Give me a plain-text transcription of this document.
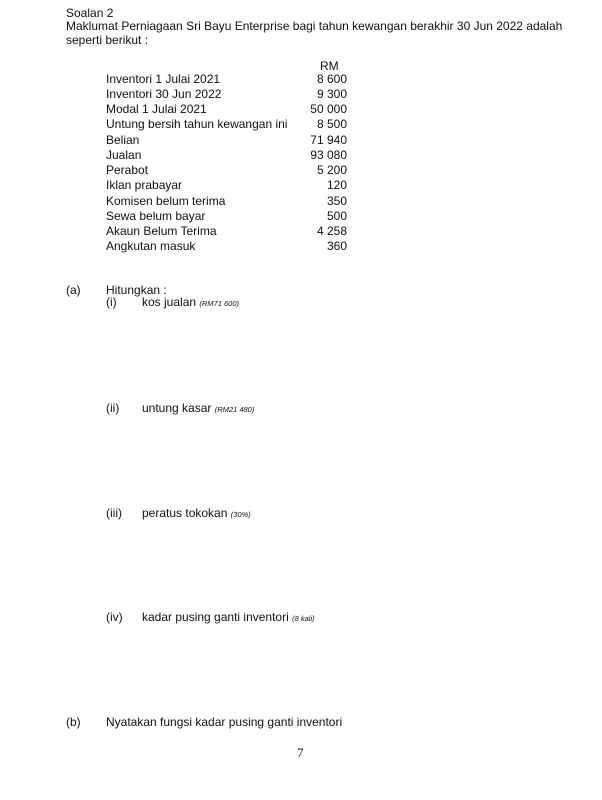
Soalan 2
Maklumat Perniagaan Sri Bayu Enterprise bagi tahun kewangan berakhir 30 Jun 2022 adalah
seperti berikut :
RM
Inventori 1 Julai 2021	8 600
Inventori 30 Jun 2022	9 300
Modal 1 Julai 2021	50 000
Untung bersih tahun kewangan ini 8 500
Belian	71 940
Jualan	93 080
Perabot	5 200
Iklan prabayar	120
Komisen belum terima	350
Sewa belum bayar	500
Akaun Belum Terima	4 258
Angkutan masuk	360
(a) Hitungkan :
(i) kos jualan (RM71 600)
(ii) untung kasar (RM21 480)
(iii) peratus tokokan (30%)
(iv) kadar pusing ganti inventori (8 kali)
(b) Nyatakan fungsi kadar pusing ganti inventori
7
